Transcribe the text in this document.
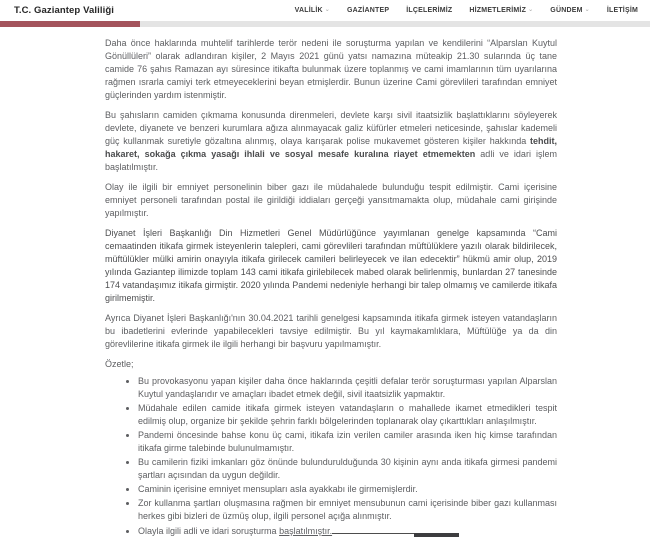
T.C. Gaziantep Valiliği	VALİLİK ⌄ GAZİANTEP İLÇELERİMİZ HİZMETLERİMİZ ⌄ GÜNDEM ⌄ İLETİŞİM

Daha önce haklarında muhtelif tarihlerde terör nedeni ile soruşturma yapılan ve kendilerini “Alparslan Kuytul Gönüllüleri” olarak adlandıran kişiler, 2 Mayıs 2021 günü yatsı namazına müteakip 21.30 sularında üç tane camide 76 şahıs Ramazan ayı süresince itikafta bulunmak üzere toplanmış ve cami imamlarının tüm uyarılarına rağmen ısrarla camiyi terk etmeyeceklerini beyan etmişlerdir. Bunun üzerine Cami görevlileri tarafından emniyet güçlerinden yardım istenmiştir.

Bu şahısların camiden çıkmama konusunda direnmeleri, devlete karşı sivil itaatsizlik başlattıklarını söyleyerek devlete, diyanete ve benzeri kurumlara ağıza alınmayacak galiz küfürler etmeleri neticesinde, şahıslar kademeli güç kullanmak suretiyle gözaltına alınmış, olaya karışarak polise mukavemet gösteren kişiler hakkında tehdit, hakaret, sokağa çıkma yasağı ihlali ve sosyal mesafe kuralına riayet etmemekten adli ve idari işlem başlatılmıştır.

Olay ile ilgili bir emniyet personelinin biber gazı ile müdahalede bulunduğu tespit edilmiştir. Cami içerisine emniyet personeli tarafından postal ile girildiği iddiaları gerçeği yansıtmamakta olup, müdahale cami girişinde yapılmıştır.

Diyanet İşleri Başkanlığı Din Hizmetleri Genel Müdürlüğünce yayımlanan genelge kapsamında “Cami cemaatinden itikafa girmek isteyenlerin talepleri, cami görevlileri tarafından müftülüklere yazılı olarak bildirilecek, müftülükler mülki amirin onayıyla itikafa girilecek camileri belirleyecek ve ilan edecektir” hükmü amir olup, 2019 yılında Gaziantep ilimizde toplam 143 cami itikafa girilebilecek mabed olarak belirlenmiş, bunlardan 27 tanesinde 174 vatandaşımız itikafa girmiştir. 2020 yılında Pandemi nedeniyle herhangi bir talep olmamış ve camilerde itikafa girilmemiştir.

Ayrıca Diyanet İşleri Başkanlığı'nın 30.04.2021 tarihli genelgesi kapsamında itikafa girmek isteyen vatandaşların bu ibadetlerini evlerinde yapabilecekleri tavsiye edilmiştir. Bu yıl kaymakamlıklara, Müftülüğe ya da din görevlilerine itikafa girmek ile ilgili herhangi bir başvuru yapılmamıştır.

Özetle;

• Bu provokasyonu yapan kişiler daha önce haklarında çeşitli defalar terör soruşturması yapılan Alparslan Kuytul yandaşlarıdır ve amaçları ibadet etmek değil, sivil itaatsizlik yapmaktır.
• Müdahale edilen camide itikafa girmek isteyen vatandaşların o mahallede ikamet etmedikleri tespit edilmiş olup, organize bir şekilde şehrin farklı bölgelerinden toplanarak olay çıkarttıkları anlaşılmıştır.
• Pandemi öncesinde bahse konu üç cami, itikafa izin verilen camiler arasında iken hiç kimse tarafından itikafa girme talebinde bulunulmamıştır.
• Bu camilerin fiziki imkanları göz önünde bulundurulduğunda 30 kişinin aynı anda itikafa girmesi pandemi şartları açısından da uygun değildir.
• Caminin içerisine emniyet mensupları asla ayakkabı ile girmemişlerdir.
• Zor kullanma şartları oluşmasına rağmen bir emniyet mensubunun cami içerisinde biber gazı kullanması herkes gibi bizleri de üzmüş olup, ilgili personel açığa alınmıştır.
• Olayla ilgili adli ve idari soruşturma başlatılmıştır.
